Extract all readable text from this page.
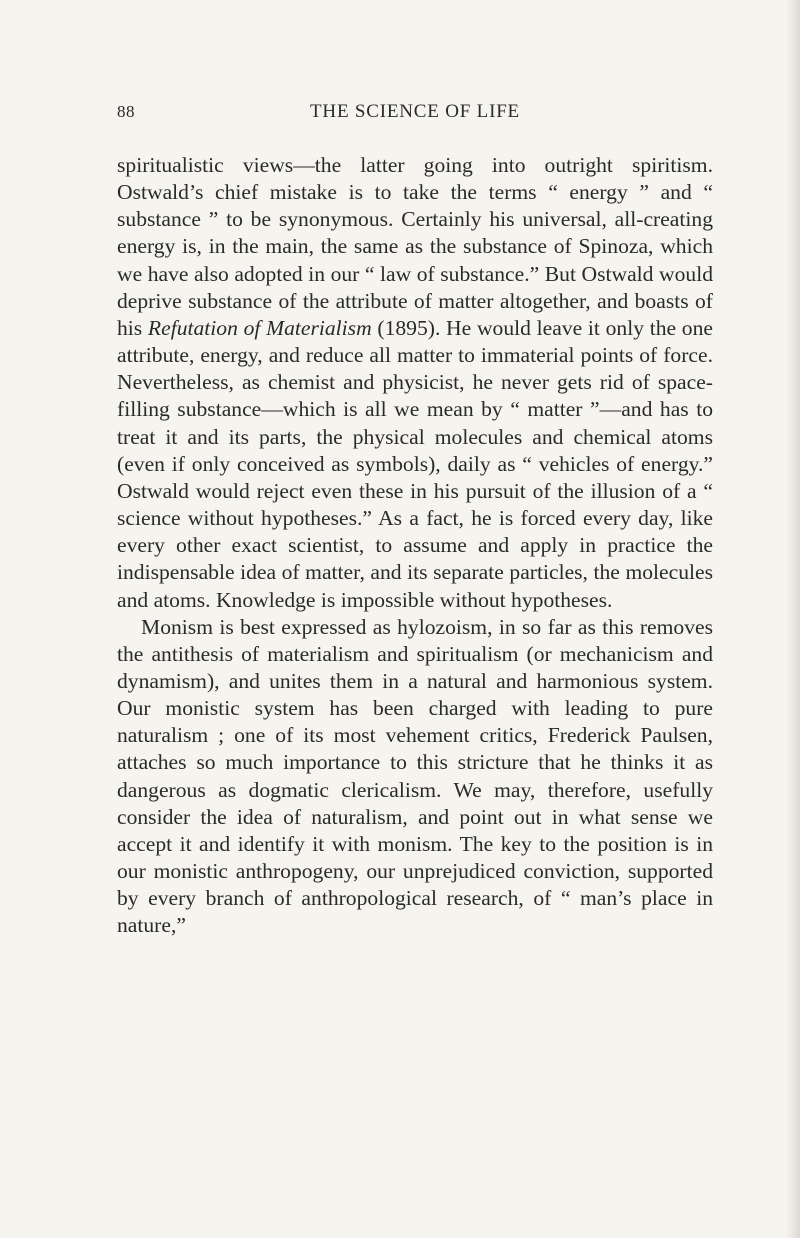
88	THE SCIENCE OF LIFE

spiritualistic views—the latter going into outright spiritism. Ostwald’s chief mistake is to take the terms “ energy ” and “ substance ” to be synonymous. Certainly his universal, all-creating energy is, in the main, the same as the substance of Spinoza, which we have also adopted in our “ law of substance.” But Ostwald would deprive substance of the attribute of matter altogether, and boasts of his Refutation of Materialism (1895). He would leave it only the one attribute, energy, and reduce all matter to immaterial points of force. Nevertheless, as chemist and physicist, he never gets rid of space-filling substance—which is all we mean by “ matter ”—and has to treat it and its parts, the physical molecules and chemical atoms (even if only conceived as symbols), daily as “ vehicles of energy.” Ostwald would reject even these in his pursuit of the illusion of a “ science without hypotheses.” As a fact, he is forced every day, like every other exact scientist, to assume and apply in practice the indispensable idea of matter, and its separate particles, the molecules and atoms. Knowledge is impossible without hypotheses.

Monism is best expressed as hylozoism, in so far as this removes the antithesis of materialism and spiritualism (or mechanicism and dynamism), and unites them in a natural and harmonious system. Our monistic system has been charged with leading to pure naturalism ; one of its most vehement critics, Frederick Paulsen, attaches so much importance to this stricture that he thinks it as dangerous as dogmatic clericalism. We may, therefore, usefully consider the idea of naturalism, and point out in what sense we accept it and identify it with monism. The key to the position is in our monistic anthropogeny, our unprejudiced conviction, supported by every branch of anthropological research, of “ man’s place in nature,”
